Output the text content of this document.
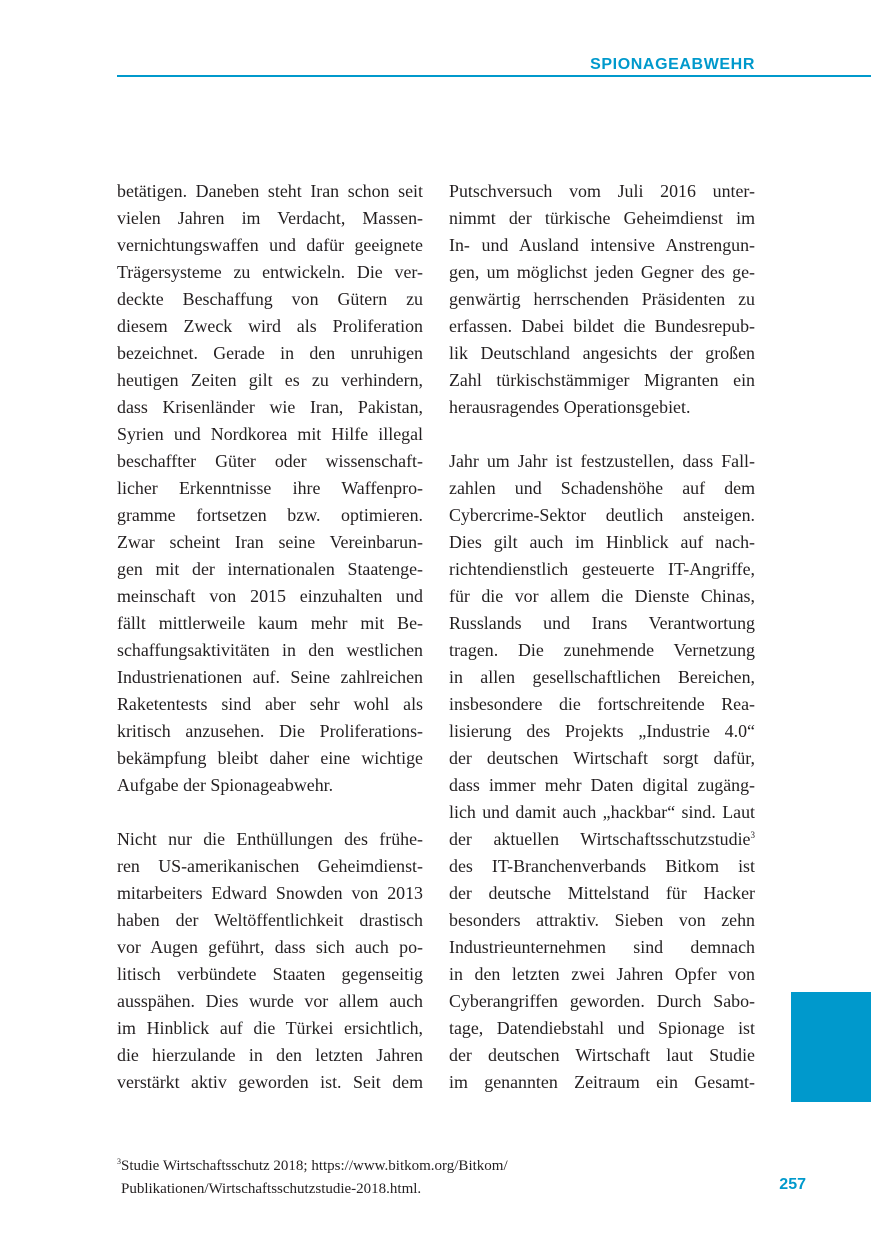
SPIONAGEABWEHR
betätigen. Daneben steht Iran schon seit
vielen Jahren im Verdacht, Massen-
vernichtungswaffen und dafür geeignete
Trägersysteme zu entwickeln. Die ver-
deckte Beschaffung von Gütern zu
diesem Zweck wird als Proliferation
bezeichnet. Gerade in den unruhigen
heutigen Zeiten gilt es zu verhindern,
dass Krisenländer wie Iran, Pakistan,
Syrien und Nordkorea mit Hilfe illegal
beschaffter Güter oder wissenschaft-
licher Erkenntnisse ihre Waffenpro-
gramme fortsetzen bzw. optimieren.
Zwar scheint Iran seine Vereinbarun-
gen mit der internationalen Staatenge-
meinschaft von 2015 einzuhalten und
fällt mittlerweile kaum mehr mit Be-
schaffungsaktivitäten in den westlichen
Industrienationen auf. Seine zahlreichen
Raketentests sind aber sehr wohl als
kritisch anzusehen. Die Proliferations-
bekämpfung bleibt daher eine wichtige
Aufgabe der Spionageabwehr.
Nicht nur die Enthüllungen des frühe-
ren US-amerikanischen Geheimdienst-
mitarbeiters Edward Snowden von 2013
haben der Weltöffentlichkeit drastisch
vor Augen geführt, dass sich auch po-
litisch verbündete Staaten gegenseitig
ausspähen. Dies wurde vor allem auch
im Hinblick auf die Türkei ersichtlich,
die hierzulande in den letzten Jahren
verstärkt aktiv geworden ist. Seit dem
Putschversuch vom Juli 2016 unter-
nimmt der türkische Geheimdienst im
In- und Ausland intensive Anstrengun-
gen, um möglichst jeden Gegner des ge-
genwärtig herrschenden Präsidenten zu
erfassen. Dabei bildet die Bundesrepub-
lik Deutschland angesichts der großen
Zahl türkischstämmiger Migranten ein
herausragendes Operationsgebiet.
Jahr um Jahr ist festzustellen, dass Fall-
zahlen und Schadenshöhe auf dem
Cybercrime-Sektor deutlich ansteigen.
Dies gilt auch im Hinblick auf nach-
richtendienstlich gesteuerte IT-Angriffe,
für die vor allem die Dienste Chinas,
Russlands und Irans Verantwortung
tragen. Die zunehmende Vernetzung
in allen gesellschaftlichen Bereichen,
insbesondere die fortschreitende Rea-
lisierung des Projekts „Industrie 4.0“
der deutschen Wirtschaft sorgt dafür,
dass immer mehr Daten digital zugäng-
lich und damit auch „hackbar“ sind. Laut
der aktuellen Wirtschaftsschutzstudie$^3$
des IT-Branchenverbands Bitkom ist
der deutsche Mittelstand für Hacker
besonders attraktiv. Sieben von zehn
Industrieunternehmen sind demnach
in den letzten zwei Jahren Opfer von
Cyberangriffen geworden. Durch Sabo-
tage, Datendiebstahl und Spionage ist
der deutschen Wirtschaft laut Studie
im genannten Zeitraum ein Gesamt-
$^3$Studie Wirtschaftsschutz 2018; https://www.bitkom.org/Bitkom/
Publikationen/Wirtschaftsschutzstudie-2018.html.	257
